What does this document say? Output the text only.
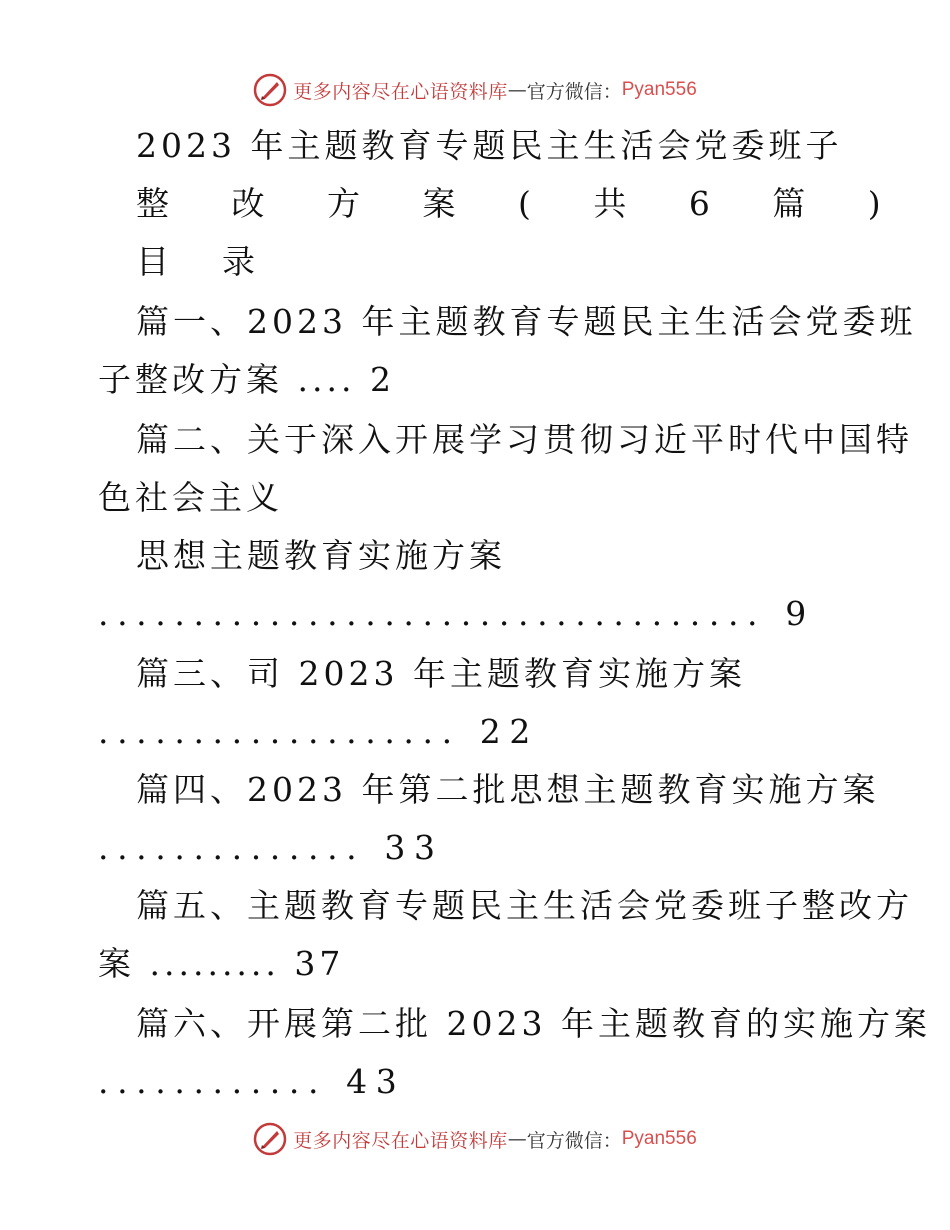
更多内容尽在心语资料库 — 官方微信： Pyan556
2023 年主题教育专题民主生活会党委班子
整 改 方 案 ( 共 6 篇 )
目　录
篇一、2023 年主题教育专题民主生活会党委班
子整改方案 .... 2
篇二、关于深入开展学习贯彻习近平时代中国特
色社会主义
思想主题教育实施方案
................................... 9
篇三、司 2023 年主题教育实施方案
................... 22
篇四、2023 年第二批思想主题教育实施方案
.............. 33
篇五、主题教育专题民主生活会党委班子整改方
案 ......... 37
篇六、开展第二批 2023 年主题教育的实施方案
............ 43
更多内容尽在心语资料库 — 官方微信： Pyan556
